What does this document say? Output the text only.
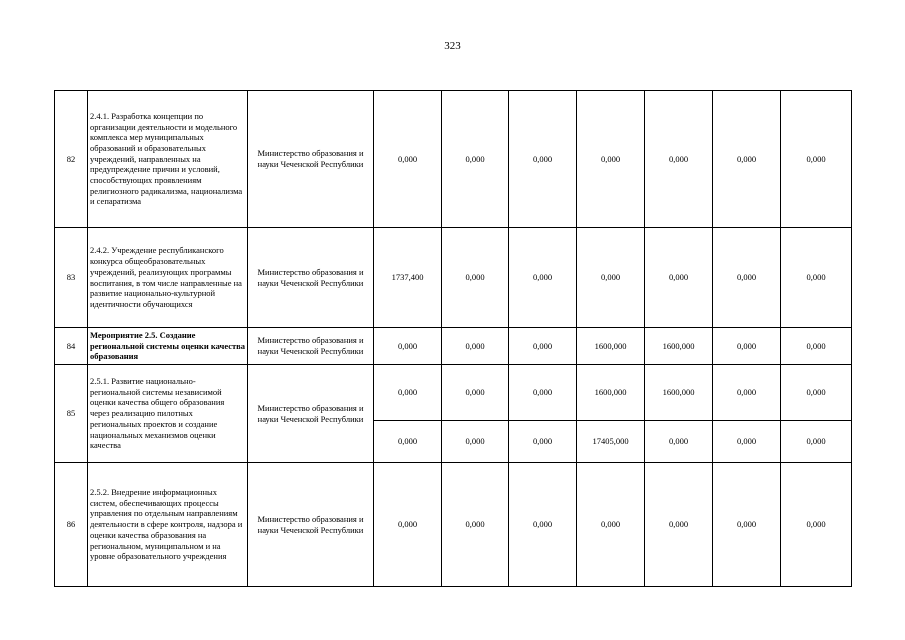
323
82	2.4.1. Разработка концепции по организации деятельности и модельного комплекса мер муниципальных образований и образовательных учреждений, направленных на предупреждение причин и условий, способствующих проявлениям религиозного радикализма, национализма и сепаратизма	Министерство образования и науки Чеченской Республики	0,000	0,000	0,000	0,000	0,000	0,000	0,000
83	2.4.2. Учреждение республиканского конкурса общеобразовательных учреждений, реализующих программы воспитания, в том числе направленные на развитие национально-культурной идентичности обучающихся	Министерство образования и науки Чеченской Республики	1737,400	0,000	0,000	0,000	0,000	0,000	0,000
84	Мероприятие 2.5. Создание региональной системы оценки качества образования	Министерство образования и науки Чеченской Республики	0,000	0,000	0,000	1600,000	1600,000	0,000	0,000
85	2.5.1. Развитие национально-региональной системы независимой оценки качества общего образования через реализацию пилотных региональных проектов и создание национальных механизмов оценки качества	Министерство образования и науки Чеченской Республики	0,000	0,000	0,000	1600,000	1600,000	0,000	0,000
			0,000	0,000	0,000	17405,000	0,000	0,000	0,000
86	2.5.2. Внедрение информационных систем, обеспечивающих процессы управления по отдельным направлениям деятельности в сфере контроля, надзора и оценки качества образования на региональном, муниципальном и на уровне образовательного учреждения	Министерство образования и науки Чеченской Республики	0,000	0,000	0,000	0,000	0,000	0,000	0,000
